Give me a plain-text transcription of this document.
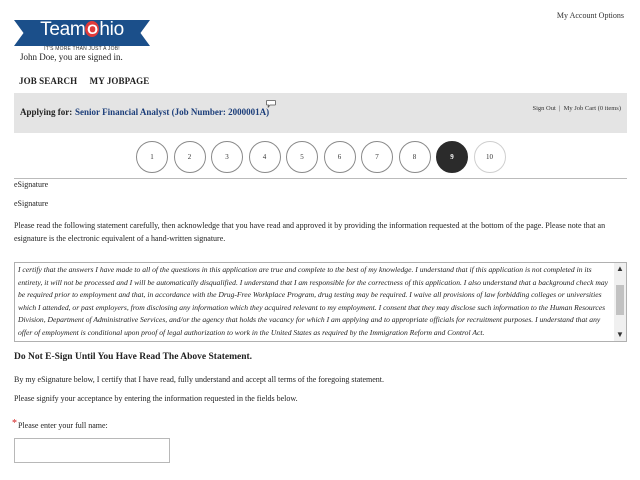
Team Ohio
IT'S MORE THAN JUST A JOB!
My Account Options
John Doe, you are signed in.
JOB SEARCH MY JOBPAGE
Applying for: Senior Financial Analyst (Job Number: 2000001A)	Sign Out | My Job Cart (0 items)
1	2	3	4	5	6	7	8	9	10
eSignature
eSignature
Please read the following statement carefully, then acknowledge that you have read and approved it by providing the information requested at the bottom of the page. Please note that an esignature is the electronic equivalent of a hand-written signature.
I certify that the answers I have made to all of the questions in this application are true and complete to the best of my knowledge. I understand that if this application is not completed in its entirety, it will not be processed and I will be automatically disqualified. I understand that I am responsible for the correctness of this application. I also understand that a background check may be required prior to employment and that, in accordance with the Drug-Free Workplace Program, drug testing may be required. I waive all provisions of law forbidding colleges or universities which I attended, or past employers, from disclosing any information which they acquired relevant to my employment. I consent that they may disclose such information to the Human Resources Division, Department of Administrative Services, and/or the agency that holds the vacancy for which I am applying and to appropriate officials for recruitment purposes. I understand that any offer of employment is conditional upon proof of legal authorization to work in the United States as required by the Immigration Reform and Control Act.
▲
▼
Do Not E-Sign Until You Have Read The Above Statement.
By my eSignature below, I certify that I have read, fully understand and accept all terms of the foregoing statement.
Please signify your acceptance by entering the information requested in the fields below.
* Please enter your full name:
